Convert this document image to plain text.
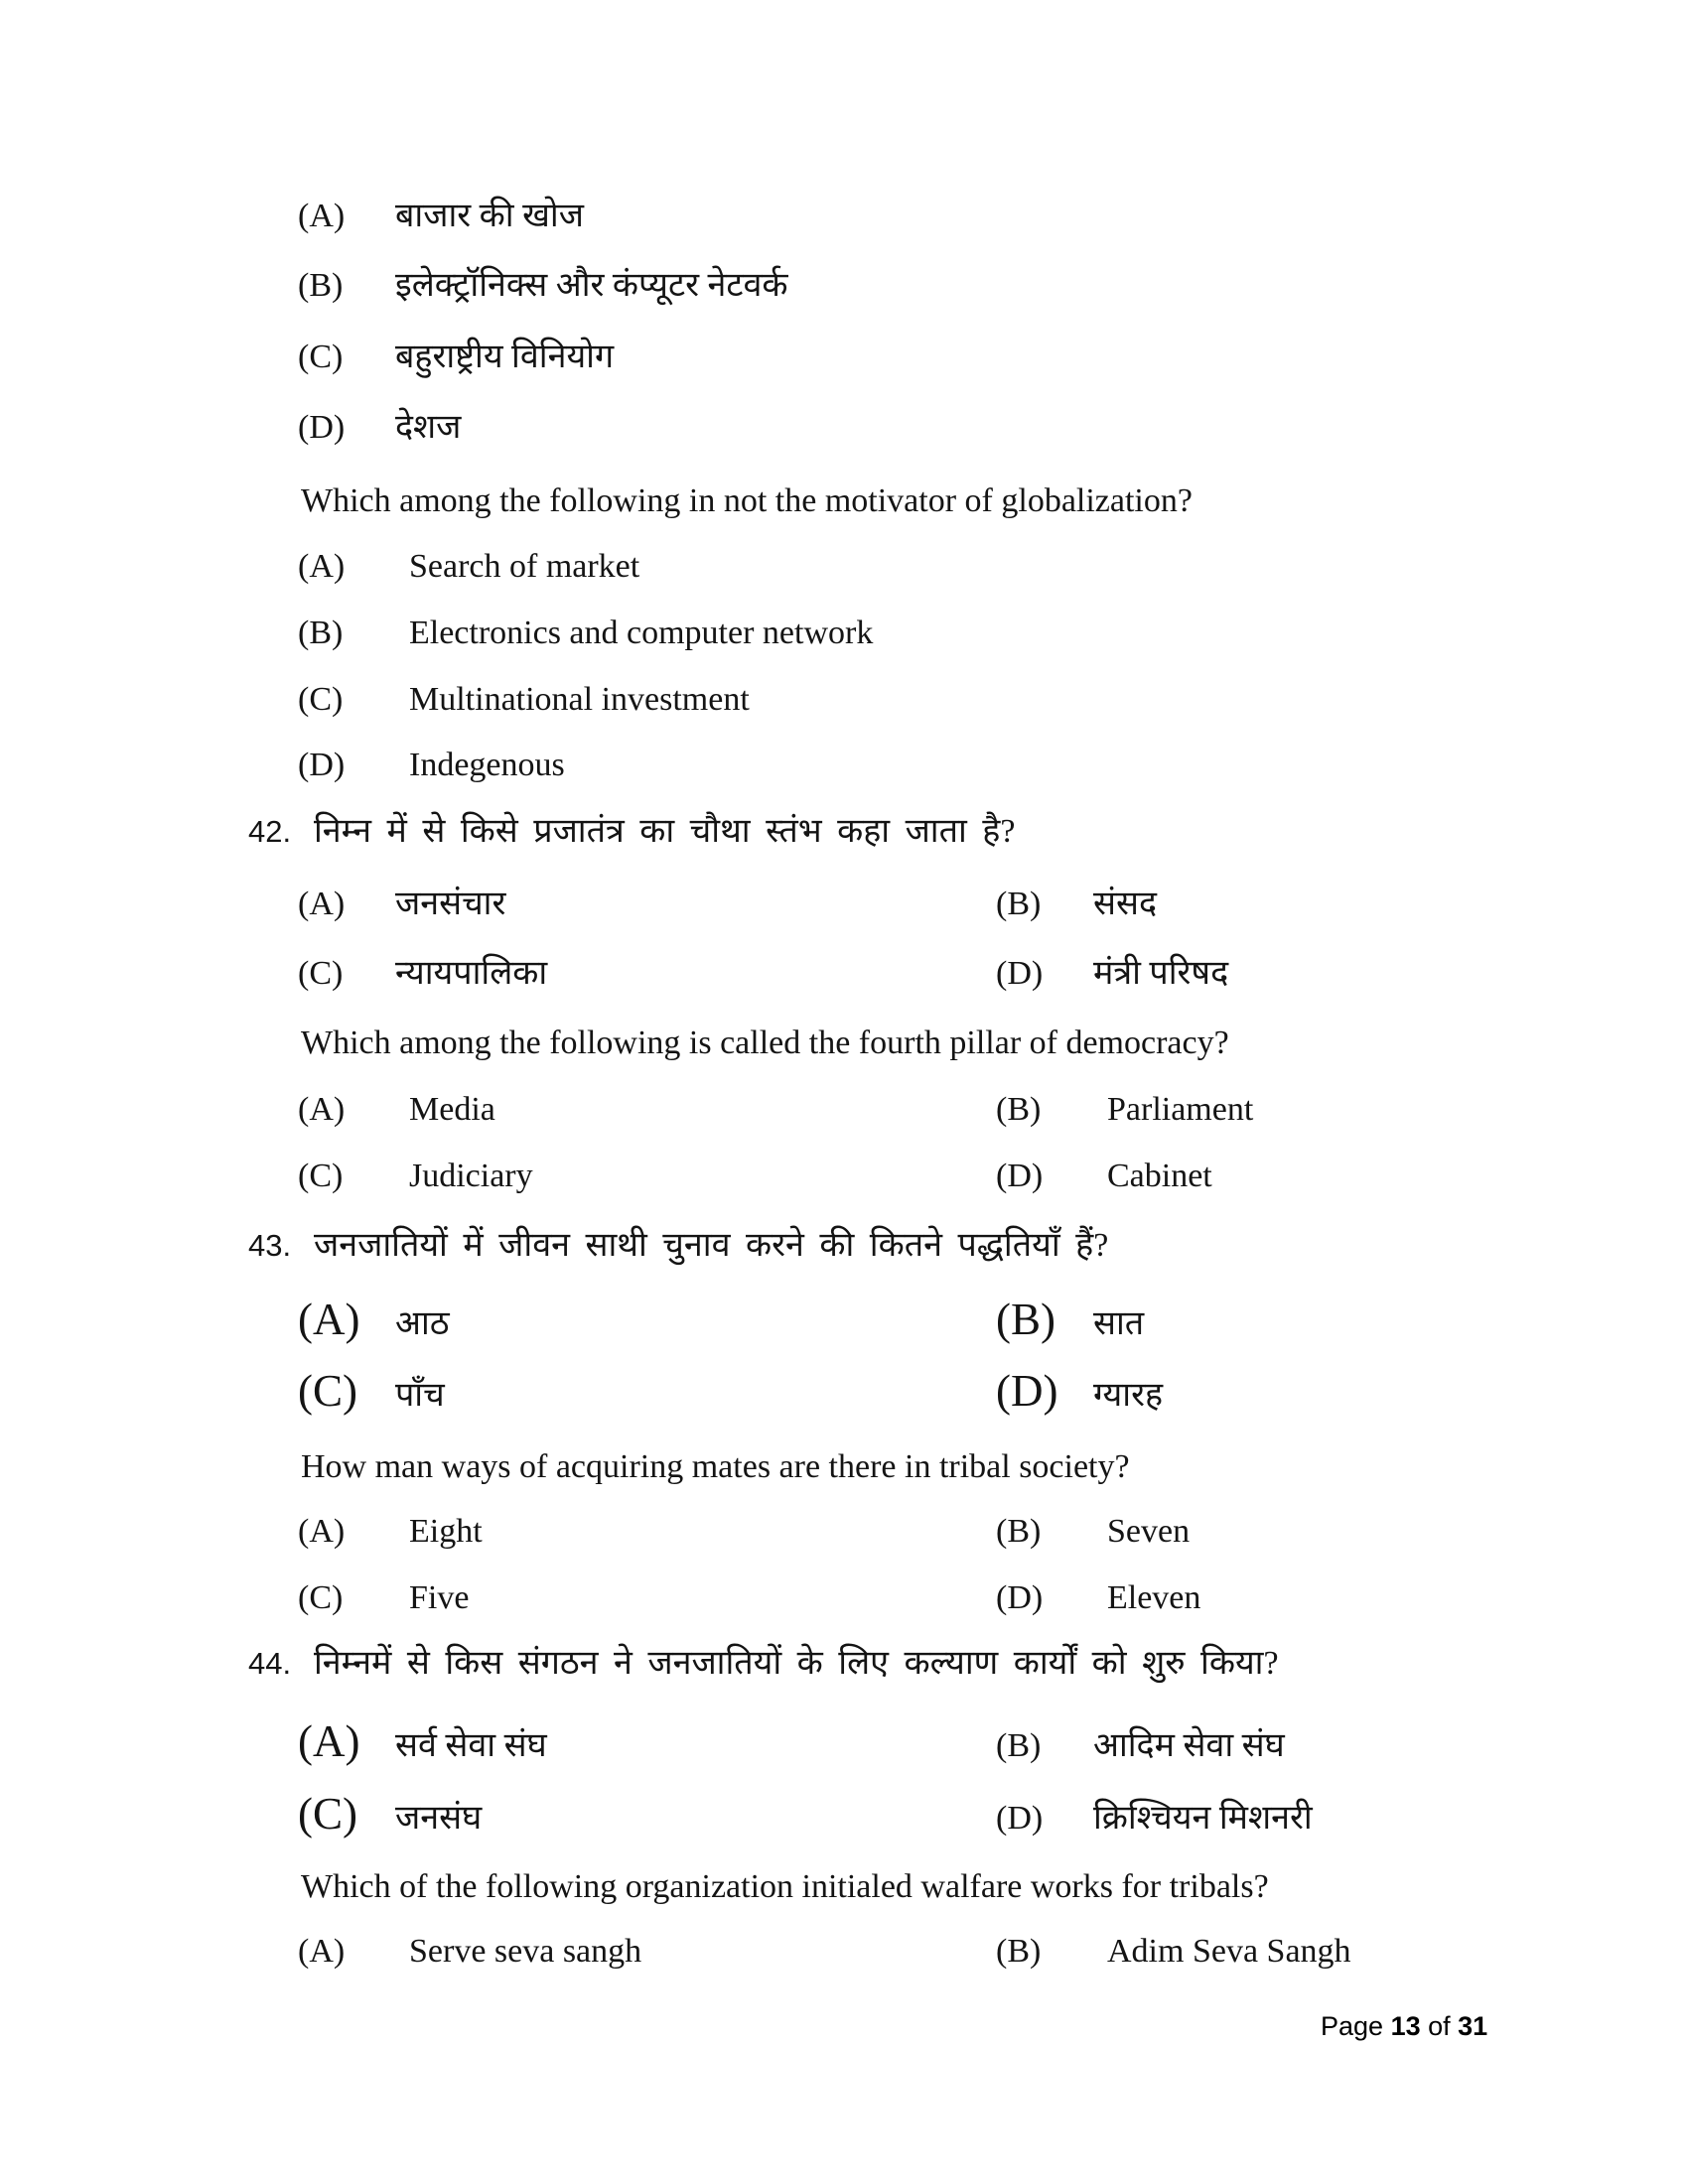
(A) बाजार की खोज
(B) इलेक्ट्रॉनिक्स और कंप्यूटर नेटवर्क
(C) बहुराष्ट्रीय विनियोग
(D) देशज
Which among the following in not the motivator of globalization?
(A) Search of market
(B) Electronics and computer network
(C) Multinational investment
(D) Indegenous
42. निम्न में से किसे प्रजातंत्र का चौथा स्तंभ कहा जाता है?
(A) जनसंचार	(B) संसद
(C) न्यायपालिका	(D) मंत्री परिषद
Which among the following is called the fourth pillar of democracy?
(A) Media	(B) Parliament
(C) Judiciary	(D) Cabinet
43. जनजातियों में जीवन साथी चुनाव करने की कितने पद्धतियाँ हैं?
(A) आठ	(B) सात
(C) पाँच	(D) ग्यारह
How man ways of acquiring mates are there in tribal society?
(A) Eight	(B) Seven
(C) Five	(D) Eleven
44. निम्नमें से किस संगठन ने जनजातियों के लिए कल्याण कार्यों को शुरु किया?
(A) सर्व सेवा संघ	(B) आदिम सेवा संघ
(C) जनसंघ	(D) क्रिश्चियन मिशनरी
Which of the following organization initialed walfare works for tribals?
(A) Serve seva sangh	(B) Adim Seva Sangh
Page 13 of 31
